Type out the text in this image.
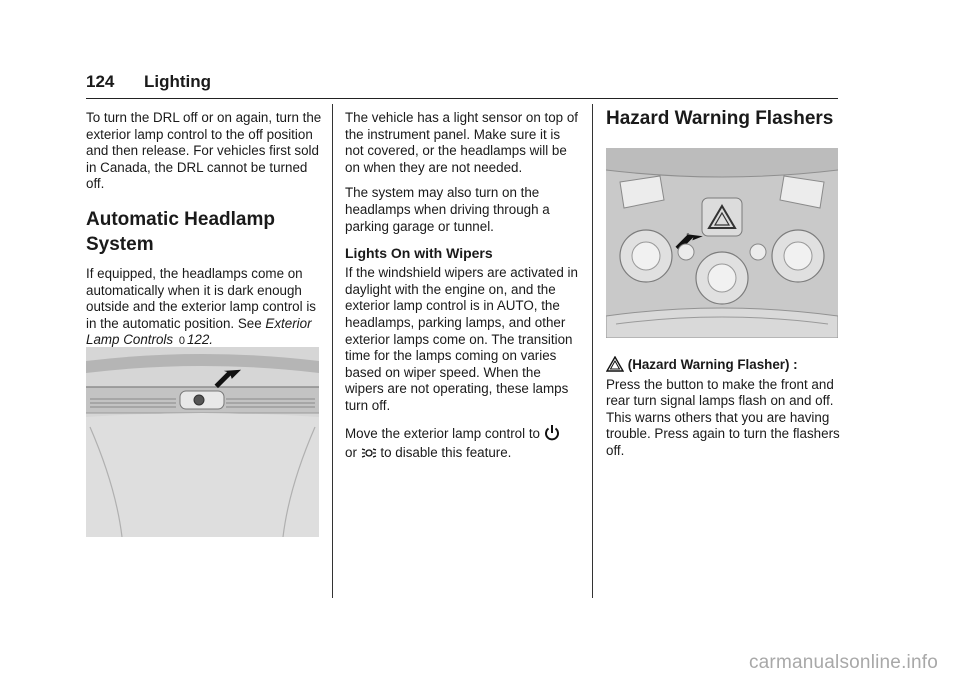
124 Lighting

To turn the DRL off or on again, turn the exterior lamp control to the off position and then release. For vehicles first sold in Canada, the DRL cannot be turned off.

Automatic Headlamp System

If equipped, the headlamps come on automatically when it is dark enough outside and the exterior lamp control is in the automatic position. See Exterior Lamp Controls 0 122.

The vehicle has a light sensor on top of the instrument panel. Make sure it is not covered, or the headlamps will be on when they are not needed.

The system may also turn on the headlamps when driving through a parking garage or tunnel.

Lights On with Wipers

If the windshield wipers are activated in daylight with the engine on, and the exterior lamp control is in AUTO, the headlamps, parking lamps, and other exterior lamps come on. The transition time for the lamps coming on varies based on wiper speed. When the wipers are not operating, these lamps turn off.

Move the exterior lamp control to
or to disable this feature.

Hazard Warning Flashers
(Hazard Warning Flasher) :
Press the button to make the front and rear turn signal lamps flash on and off. This warns others that you are having trouble. Press again to turn the flashers off.
carmanualsonline.info
